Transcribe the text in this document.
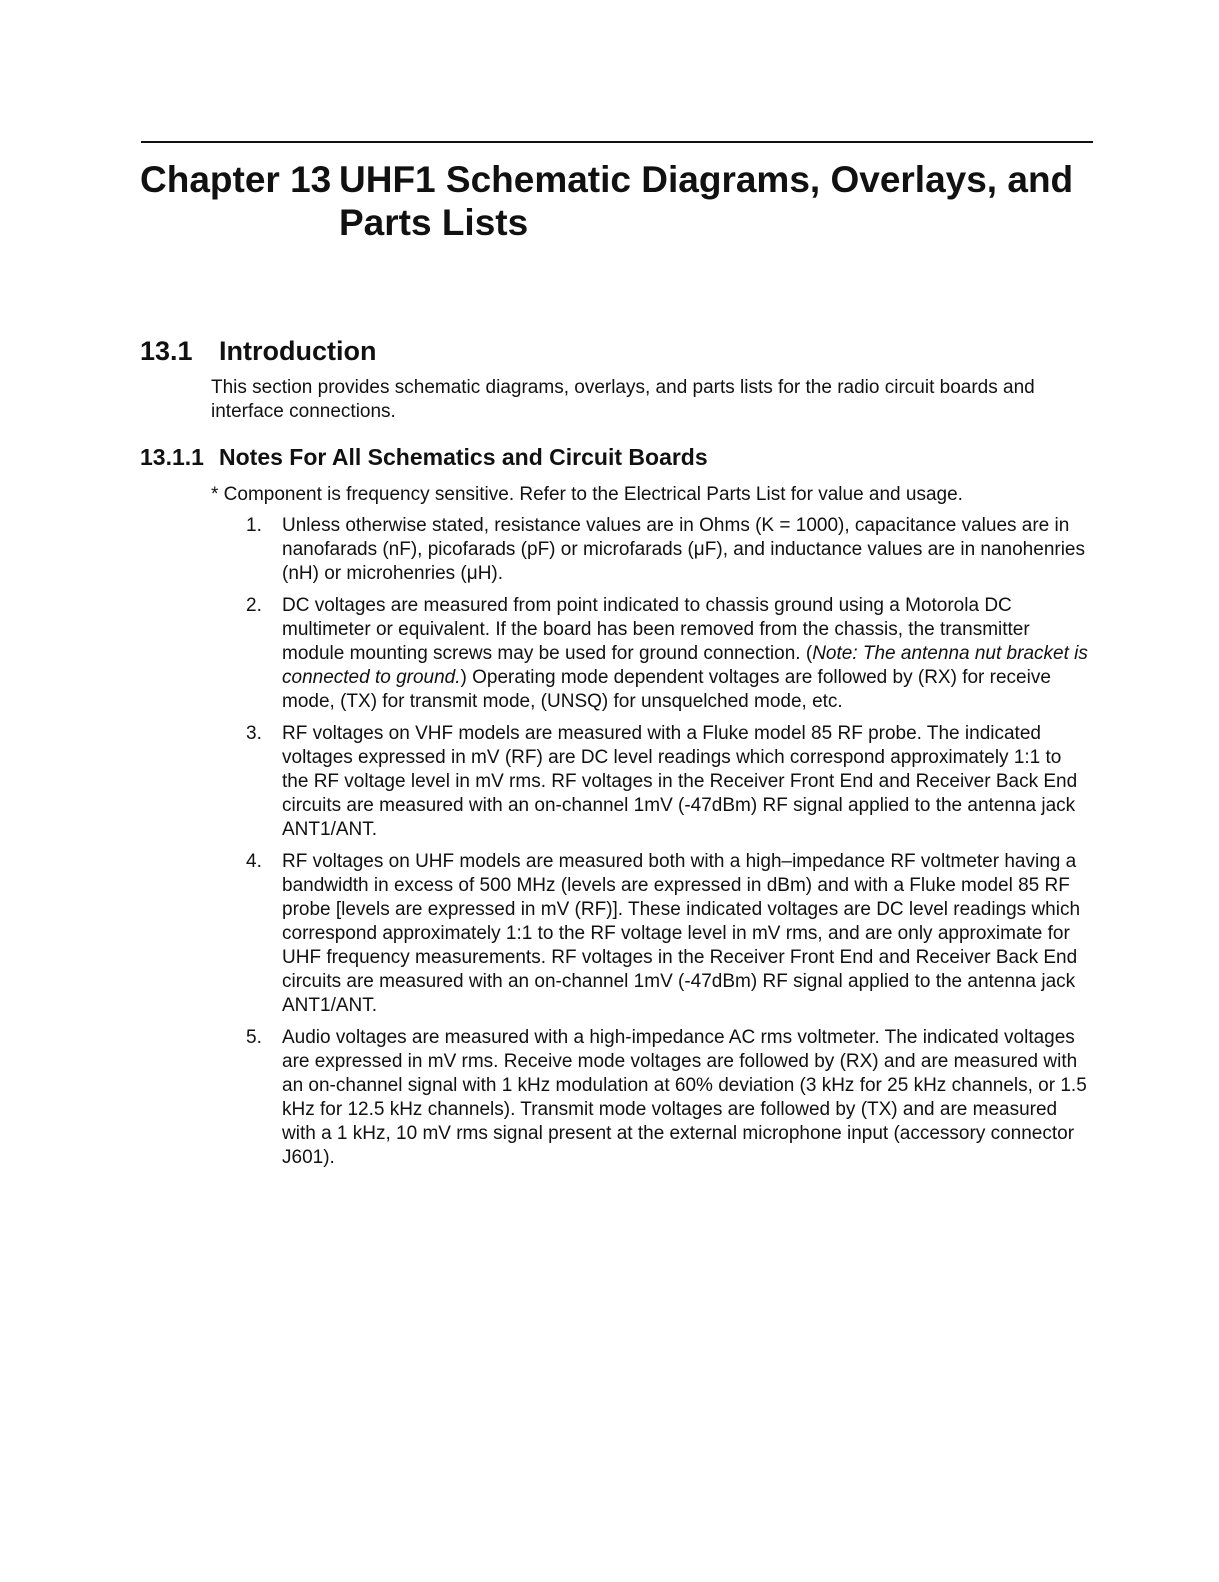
Chapter 13 UHF1 Schematic Diagrams, Overlays, and Parts Lists
13.1 Introduction
This section provides schematic diagrams, overlays, and parts lists for the radio circuit boards and interface connections.
13.1.1 Notes For All Schematics and Circuit Boards
* Component is frequency sensitive. Refer to the Electrical Parts List for value and usage.
1. Unless otherwise stated, resistance values are in Ohms (K = 1000), capacitance values are in nanofarads (nF), picofarads (pF) or microfarads (μF), and inductance values are in nanohenries (nH) or microhenries (μH).
2. DC voltages are measured from point indicated to chassis ground using a Motorola DC multimeter or equivalent. If the board has been removed from the chassis, the transmitter module mounting screws may be used for ground connection. (Note: The antenna nut bracket is connected to ground.) Operating mode dependent voltages are followed by (RX) for receive mode, (TX) for transmit mode, (UNSQ) for unsquelched mode, etc.
3. RF voltages on VHF models are measured with a Fluke model 85 RF probe. The indicated voltages expressed in mV (RF) are DC level readings which correspond approximately 1:1 to the RF voltage level in mV rms. RF voltages in the Receiver Front End and Receiver Back End circuits are measured with an on-channel 1mV (-47dBm) RF signal applied to the antenna jack ANT1/ANT.
4. RF voltages on UHF models are measured both with a high–impedance RF voltmeter having a bandwidth in excess of 500 MHz (levels are expressed in dBm) and with a Fluke model 85 RF probe [levels are expressed in mV (RF)]. These indicated voltages are DC level readings which correspond approximately 1:1 to the RF voltage level in mV rms, and are only approximate for UHF frequency measurements. RF voltages in the Receiver Front End and Receiver Back End circuits are measured with an on-channel 1mV (-47dBm) RF signal applied to the antenna jack ANT1/ANT.
5. Audio voltages are measured with a high-impedance AC rms voltmeter. The indicated voltages are expressed in mV rms. Receive mode voltages are followed by (RX) and are measured with an on-channel signal with 1 kHz modulation at 60% deviation (3 kHz for 25 kHz channels, or 1.5 kHz for 12.5 kHz channels). Transmit mode voltages are followed by (TX) and are measured with a 1 kHz, 10 mV rms signal present at the external microphone input (accessory connector J601).
